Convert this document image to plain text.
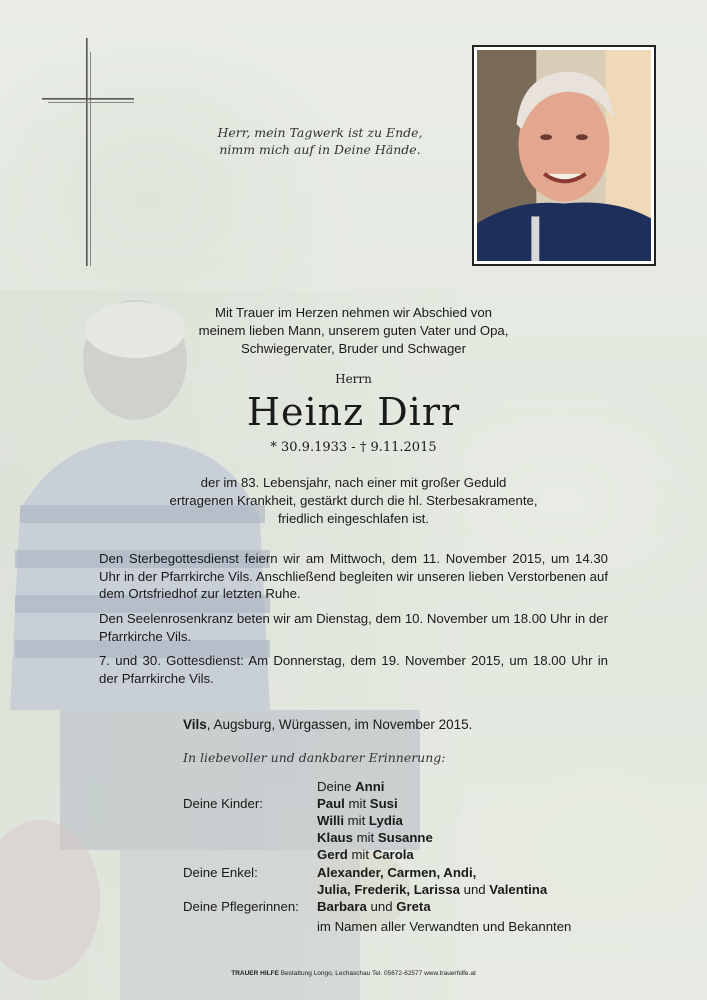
Herr, mein Tagwerk ist zu Ende,
nimm mich auf in Deine Hände.
Mit Trauer im Herzen nehmen wir Abschied von
meinem lieben Mann, unserem guten Vater und Opa,
Schwiegervater, Bruder und Schwager
Herrn
Heinz Dirr
* 30.9.1933 - † 9.11.2015
der im 83. Lebensjahr, nach einer mit großer Geduld
ertragenen Krankheit, gestärkt durch die hl. Sterbesakramente,
friedlich eingeschlafen ist.
Den Sterbegottesdienst feiern wir am Mittwoch, dem 11. November 2015, um 14.30 Uhr in der Pfarrkirche Vils. Anschließend begleiten wir unseren lieben Verstorbenen auf dem Ortsfriedhof zur letzten Ruhe.
Den Seelenrosenkranz beten wir am Dienstag, dem 10. November um 18.00 Uhr in der Pfarrkirche Vils.
7. und 30. Gottesdienst: Am Donnerstag, dem 19. November 2015, um 18.00 Uhr in der Pfarrkirche Vils.
Vils, Augsburg, Würgassen, im November 2015.
In liebevoller und dankbarer Erinnerung:
Deine Anni
Deine Kinder:	Paul mit Susi
Willi mit Lydia
Klaus mit Susanne
Gerd mit Carola
Deine Enkel:	Alexander, Carmen, Andi,
Julia, Frederik, Larissa und Valentina
Deine Pflegerinnen: Barbara und Greta
im Namen aller Verwandten und Bekannten
TRAUER HILFE Bestattung Longo, Lechaschau Tel. 05672-62577 www.trauerhilfe.at
